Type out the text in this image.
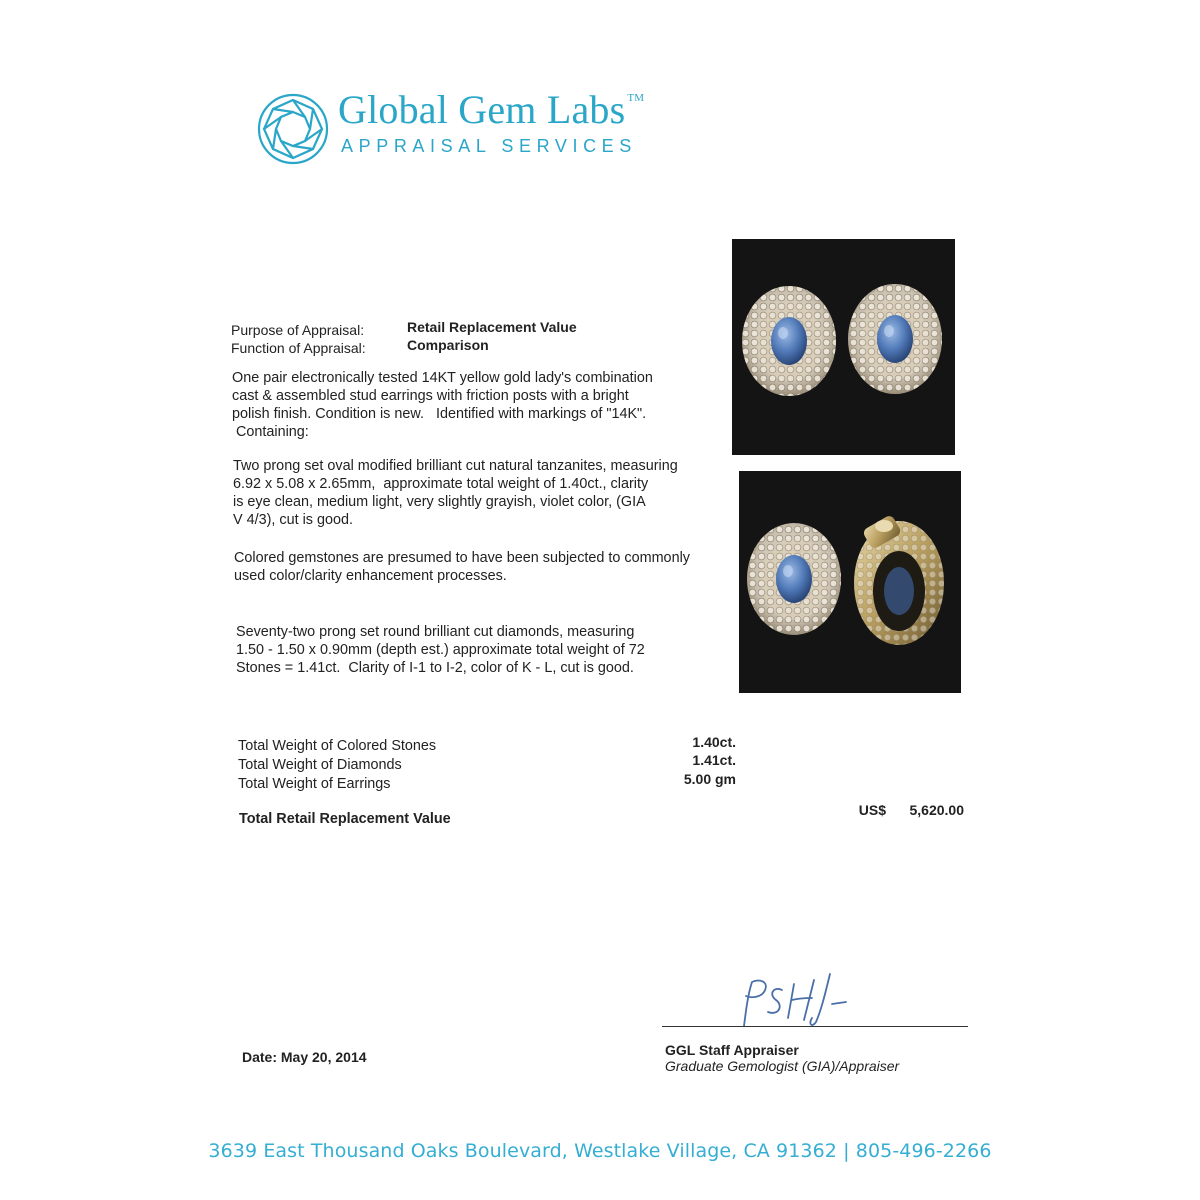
Global Gem Labs ™
APPRAISAL SERVICES
Purpose of Appraisal:	Retail Replacement Value
Function of Appraisal:	Comparison

One pair electronically tested 14KT yellow gold lady's combination

cast & assembled stud earrings with friction posts with a bright

polish finish. Condition is new.   Identified with markings of "14K".

Containing:

Two prong set oval modified brilliant cut natural tanzanites, measuring

6.92 x 5.08 x 2.65mm,  approximate total weight of 1.40ct., clarity

is eye clean, medium light, very slightly grayish, violet color, (GIA

V 4/3), cut is good.

Colored gemstones are presumed to have been subjected to commonly

used color/clarity enhancement processes.

Seventy-two prong set round brilliant cut diamonds, measuring

1.50 - 1.50 x 0.90mm (depth est.) approximate total weight of 72

Stones = 1.41ct.  Clarity of I-1 to I-2, color of K - L, cut is good.

Total Weight of Colored Stones	1.40ct.
Total Weight of Diamonds	1.41ct.
Total Weight of Earrings	5.00 gm
Total Retail Replacement Value
US$	5,620.00
Date: May 20, 2014	GGL Staff Appraiser
Graduate Gemologist (GIA)/Appraiser
3639 East Thousand Oaks Boulevard, Westlake Village, CA 91362 | 805-496-2266
